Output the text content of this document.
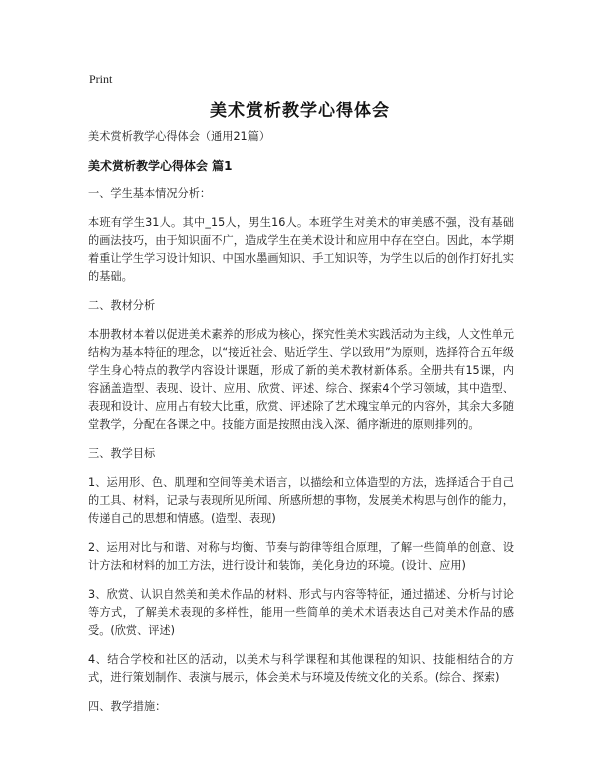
Print
美术赏析教学心得体会

美术赏析教学心得体会（通用21篇）

美术赏析教学心得体会 篇1

一、学生基本情况分析：

本班有学生31人。其中_15人，男生16人。本班学生对美术的审美感不强，没有基础的画法技巧，由于知识面不广，造成学生在美术设计和应用中存在空白。因此，本学期着重让学生学习设计知识、中国水墨画知识、手工知识等，为学生以后的创作打好扎实的基础。

二、教材分析

本册教材本着以促进美术素养的形成为核心，探究性美术实践活动为主线，人文性单元结构为基本特征的理念，以“接近社会、贴近学生、学以致用”为原则，选择符合五年级学生身心特点的教学内容设计课题，形成了新的美术教材新体系。全册共有15课，内容涵盖造型、表现、设计、应用、欣赏、评述、综合、探索4个学习领域，其中造型、表现和设计、应用占有较大比重，欣赏、评述除了艺术瑰宝单元的内容外，其余大多随堂教学，分配在各课之中。技能方面是按照由浅入深、循序渐进的原则排列的。

三、教学目标

1、运用形、色、肌理和空间等美术语言，以描绘和立体造型的方法，选择适合于自己的工具、材料，记录与表现所见所闻、所感所想的事物，发展美术构思与创作的能力，传递自己的思想和情感。(造型、表现)

2、运用对比与和谐、对称与均衡、节奏与韵律等组合原理，了解一些简单的创意、设计方法和材料的加工方法，进行设计和装饰，美化身边的环境。(设计、应用)

3、欣赏、认识自然美和美术作品的材料、形式与内容等特征，通过描述、分析与讨论等方式，了解美术表现的多样性，能用一些简单的美术术语表达自己对美术作品的感受。(欣赏、评述)

4、结合学校和社区的活动，以美术与科学课程和其他课程的知识、技能相结合的方式，进行策划制作、表演与展示，体会美术与环境及传统文化的关系。(综合、探索)

四、教学措施：
